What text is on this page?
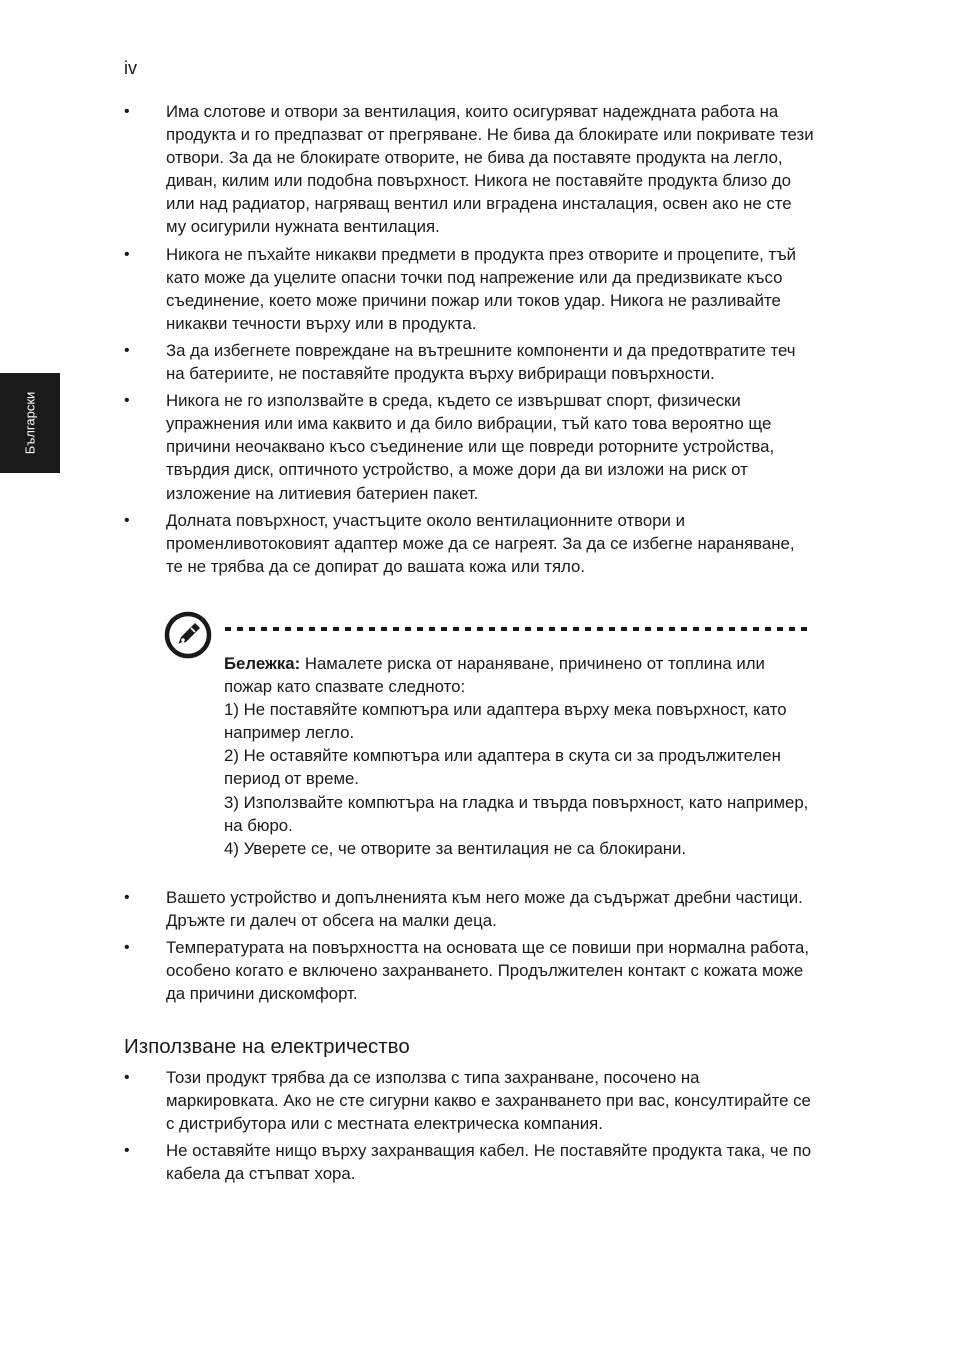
iv
Български
• Има слотове и отвори за вентилация, които осигуряват надеждната работа на продукта и го предпазват от прегряване. Не бива да блокирате или покривате тези отвори. За да не блокирате отворите, не бива да поставяте продукта на легло, диван, килим или подобна повърхност. Никога не поставяйте продукта близо до или над радиатор, нагряващ вентил или вградена инсталация, освен ако не сте му осигурили нужната вентилация.
• Никога не пъхайте никакви предмети в продукта през отворите и процепите, тъй като може да уцелите опасни точки под напрежение или да предизвикате късо съединение, което може причини пожар или токов удар. Никога не разливайте никакви течности върху или в продукта.
• За да избегнете повреждане на вътрешните компоненти и да предотвратите теч на батериите, не поставяйте продукта върху вибриращи повърхности.
• Никога не го използвайте в среда, където се извършват спорт, физически упражнения или има каквито и да било вибрации, тъй като това вероятно ще причини неочаквано късо съединение или ще повреди роторните устройства, твърдия диск, оптичното устройство, а може дори да ви изложи на риск от изложение на литиевия батериен пакет.
• Долната повърхност, участъците около вентилационните отвори и променливотоковият адаптер може да се нагреят. За да се избегне нараняване, те не трябва да се допират до вашата кожа или тяло.
Бележка: Намалете риска от нараняване, причинено от топлина или пожар като спазвате следното:
1) Не поставяйте компютъра или адаптера върху мека повърхност, като например легло.
2) Не оставяйте компютъра или адаптера в скута си за продължителен период от време.
3) Използвайте компютъра на гладка и твърда повърхност, като например, на бюро.
4) Уверете се, че отворите за вентилация не са блокирани.
• Вашето устройство и допълненията към него може да съдържат дребни частици. Дръжте ги далеч от обсега на малки деца.
• Температурата на повърхността на основата ще се повиши при нормална работа, особено когато е включено захранването. Продължителен контакт с кожата може да причини дискомфорт.
Използване на електричество
• Този продукт трябва да се използва с типа захранване, посочено на маркировката. Ако не сте сигурни какво е захранването при вас, консултирайте се с дистрибутора или с местната електрическа компания.
• Не оставяйте нищо върху захранващия кабел. Не поставяйте продукта така, че по кабела да стъпват хора.
